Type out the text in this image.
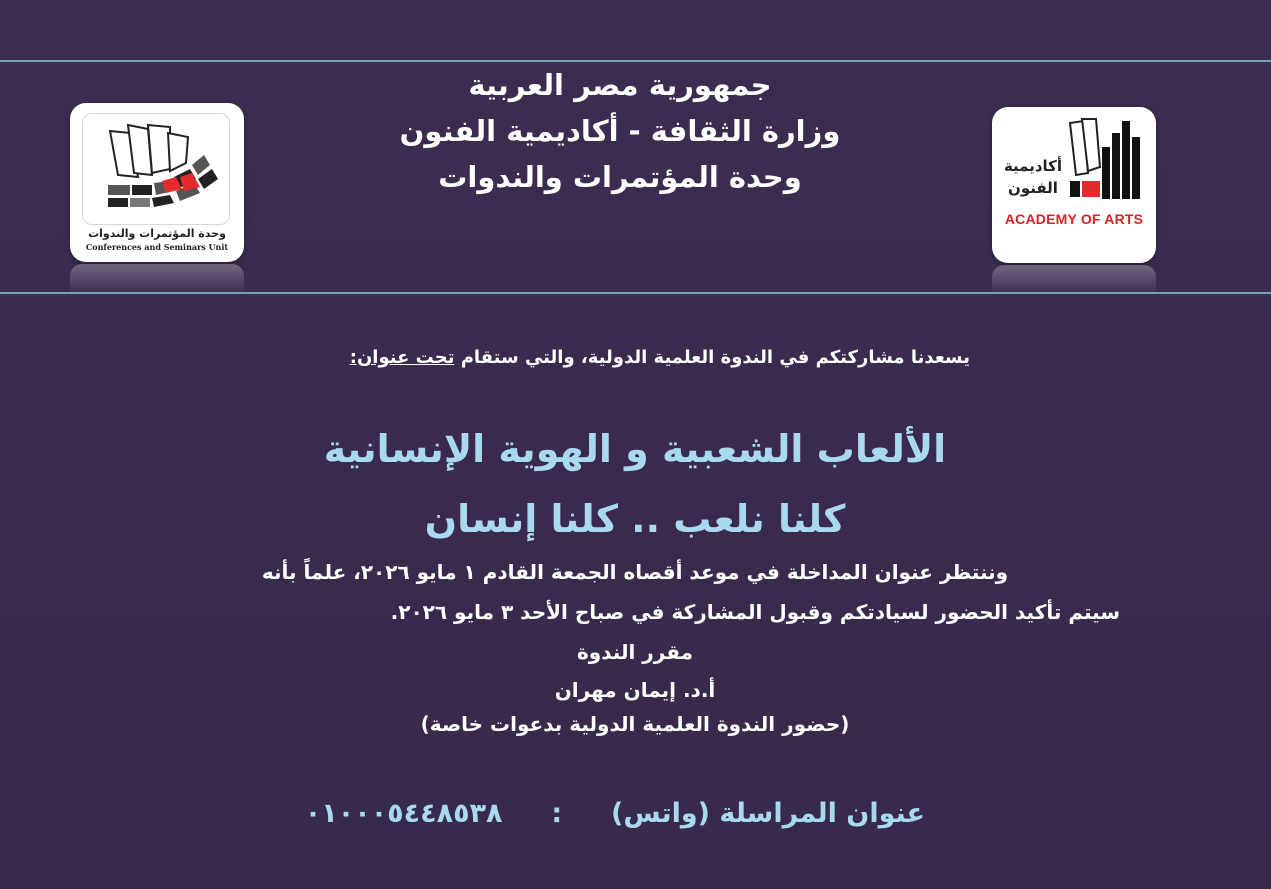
جمهورية مصر العربية
وزارة الثقافة - أكاديمية الفنون
وحدة المؤتمرات والندوات
وحدة المؤتمرات والندوات
Conferences and Seminars Unit
أكاديمية الفنون
ACADEMY OF ARTS
يسعدنا مشاركتكم في الندوة العلمية الدولية، والتي ستقام تحت عنوان:
الألعاب الشعبية و الهوية الإنسانية
كلنا نلعب .. كلنا إنسان
وننتظر عنوان المداخلة في موعد أقصاه الجمعة القادم ١ مايو ٢٠٢٦، علماً بأنه
سيتم تأكيد الحضور لسيادتكم وقبول المشاركة في صباح الأحد ٣ مايو ٢٠٢٦.
مقرر الندوة
أ.د. إيمان مهران
(حضور الندوة العلمية الدولية بدعوات خاصة)
عنوان المراسلة (واتس)  :  ٠١٠٠٠٥٤٤٨٥٣٨
